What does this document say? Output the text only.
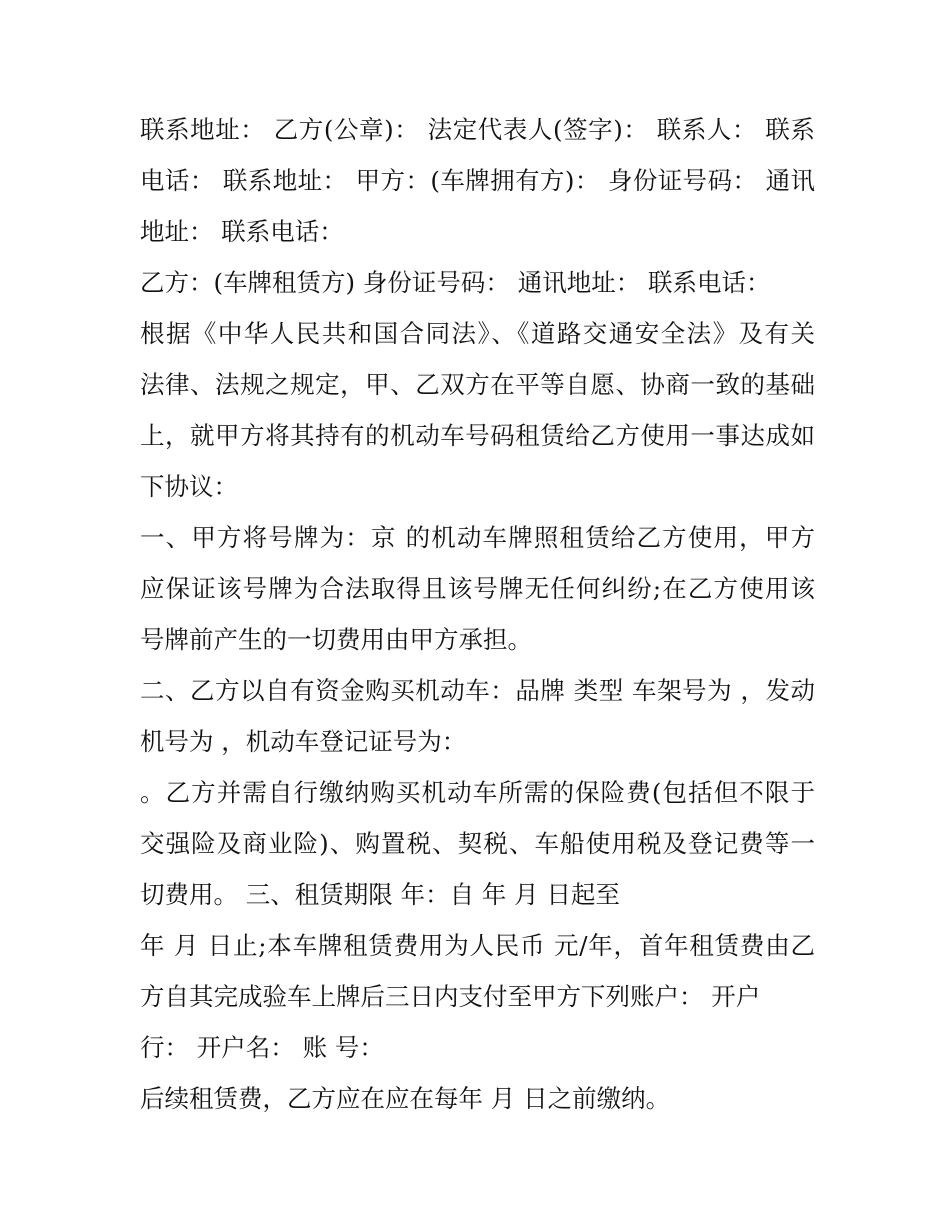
联系地址： 乙方(公章)： 法定代表人(签字)： 联系人： 联系
电话： 联系地址： 甲方：(车牌拥有方)： 身份证号码： 通讯
地址： 联系电话：
乙方：(车牌租赁方) 身份证号码： 通讯地址： 联系电话：
根据《中华人民共和国合同法》、《道路交通安全法》及有关
法律、法规之规定，甲、乙双方在平等自愿、协商一致的基础
上，就甲方将其持有的机动车号码租赁给乙方使用一事达成如
下协议：
一、甲方将号牌为：京 的机动车牌照租赁给乙方使用，甲方
应保证该号牌为合法取得且该号牌无任何纠纷;在乙方使用该
号牌前产生的一切费用由甲方承担。
二、乙方以自有资金购买机动车：品牌 类型 车架号为 ，发动
机号为 ，机动车登记证号为：
。乙方并需自行缴纳购买机动车所需的保险费(包括但不限于
交强险及商业险)、购置税、契税、车船使用税及登记费等一
切费用。 三、租赁期限 年：自 年 月 日起至
年 月 日止;本车牌租赁费用为人民币 元/年，首年租赁费由乙
方自其完成验车上牌后三日内支付至甲方下列账户： 开户
行： 开户名： 账 号：
后续租赁费，乙方应在应在每年 月 日之前缴纳。
